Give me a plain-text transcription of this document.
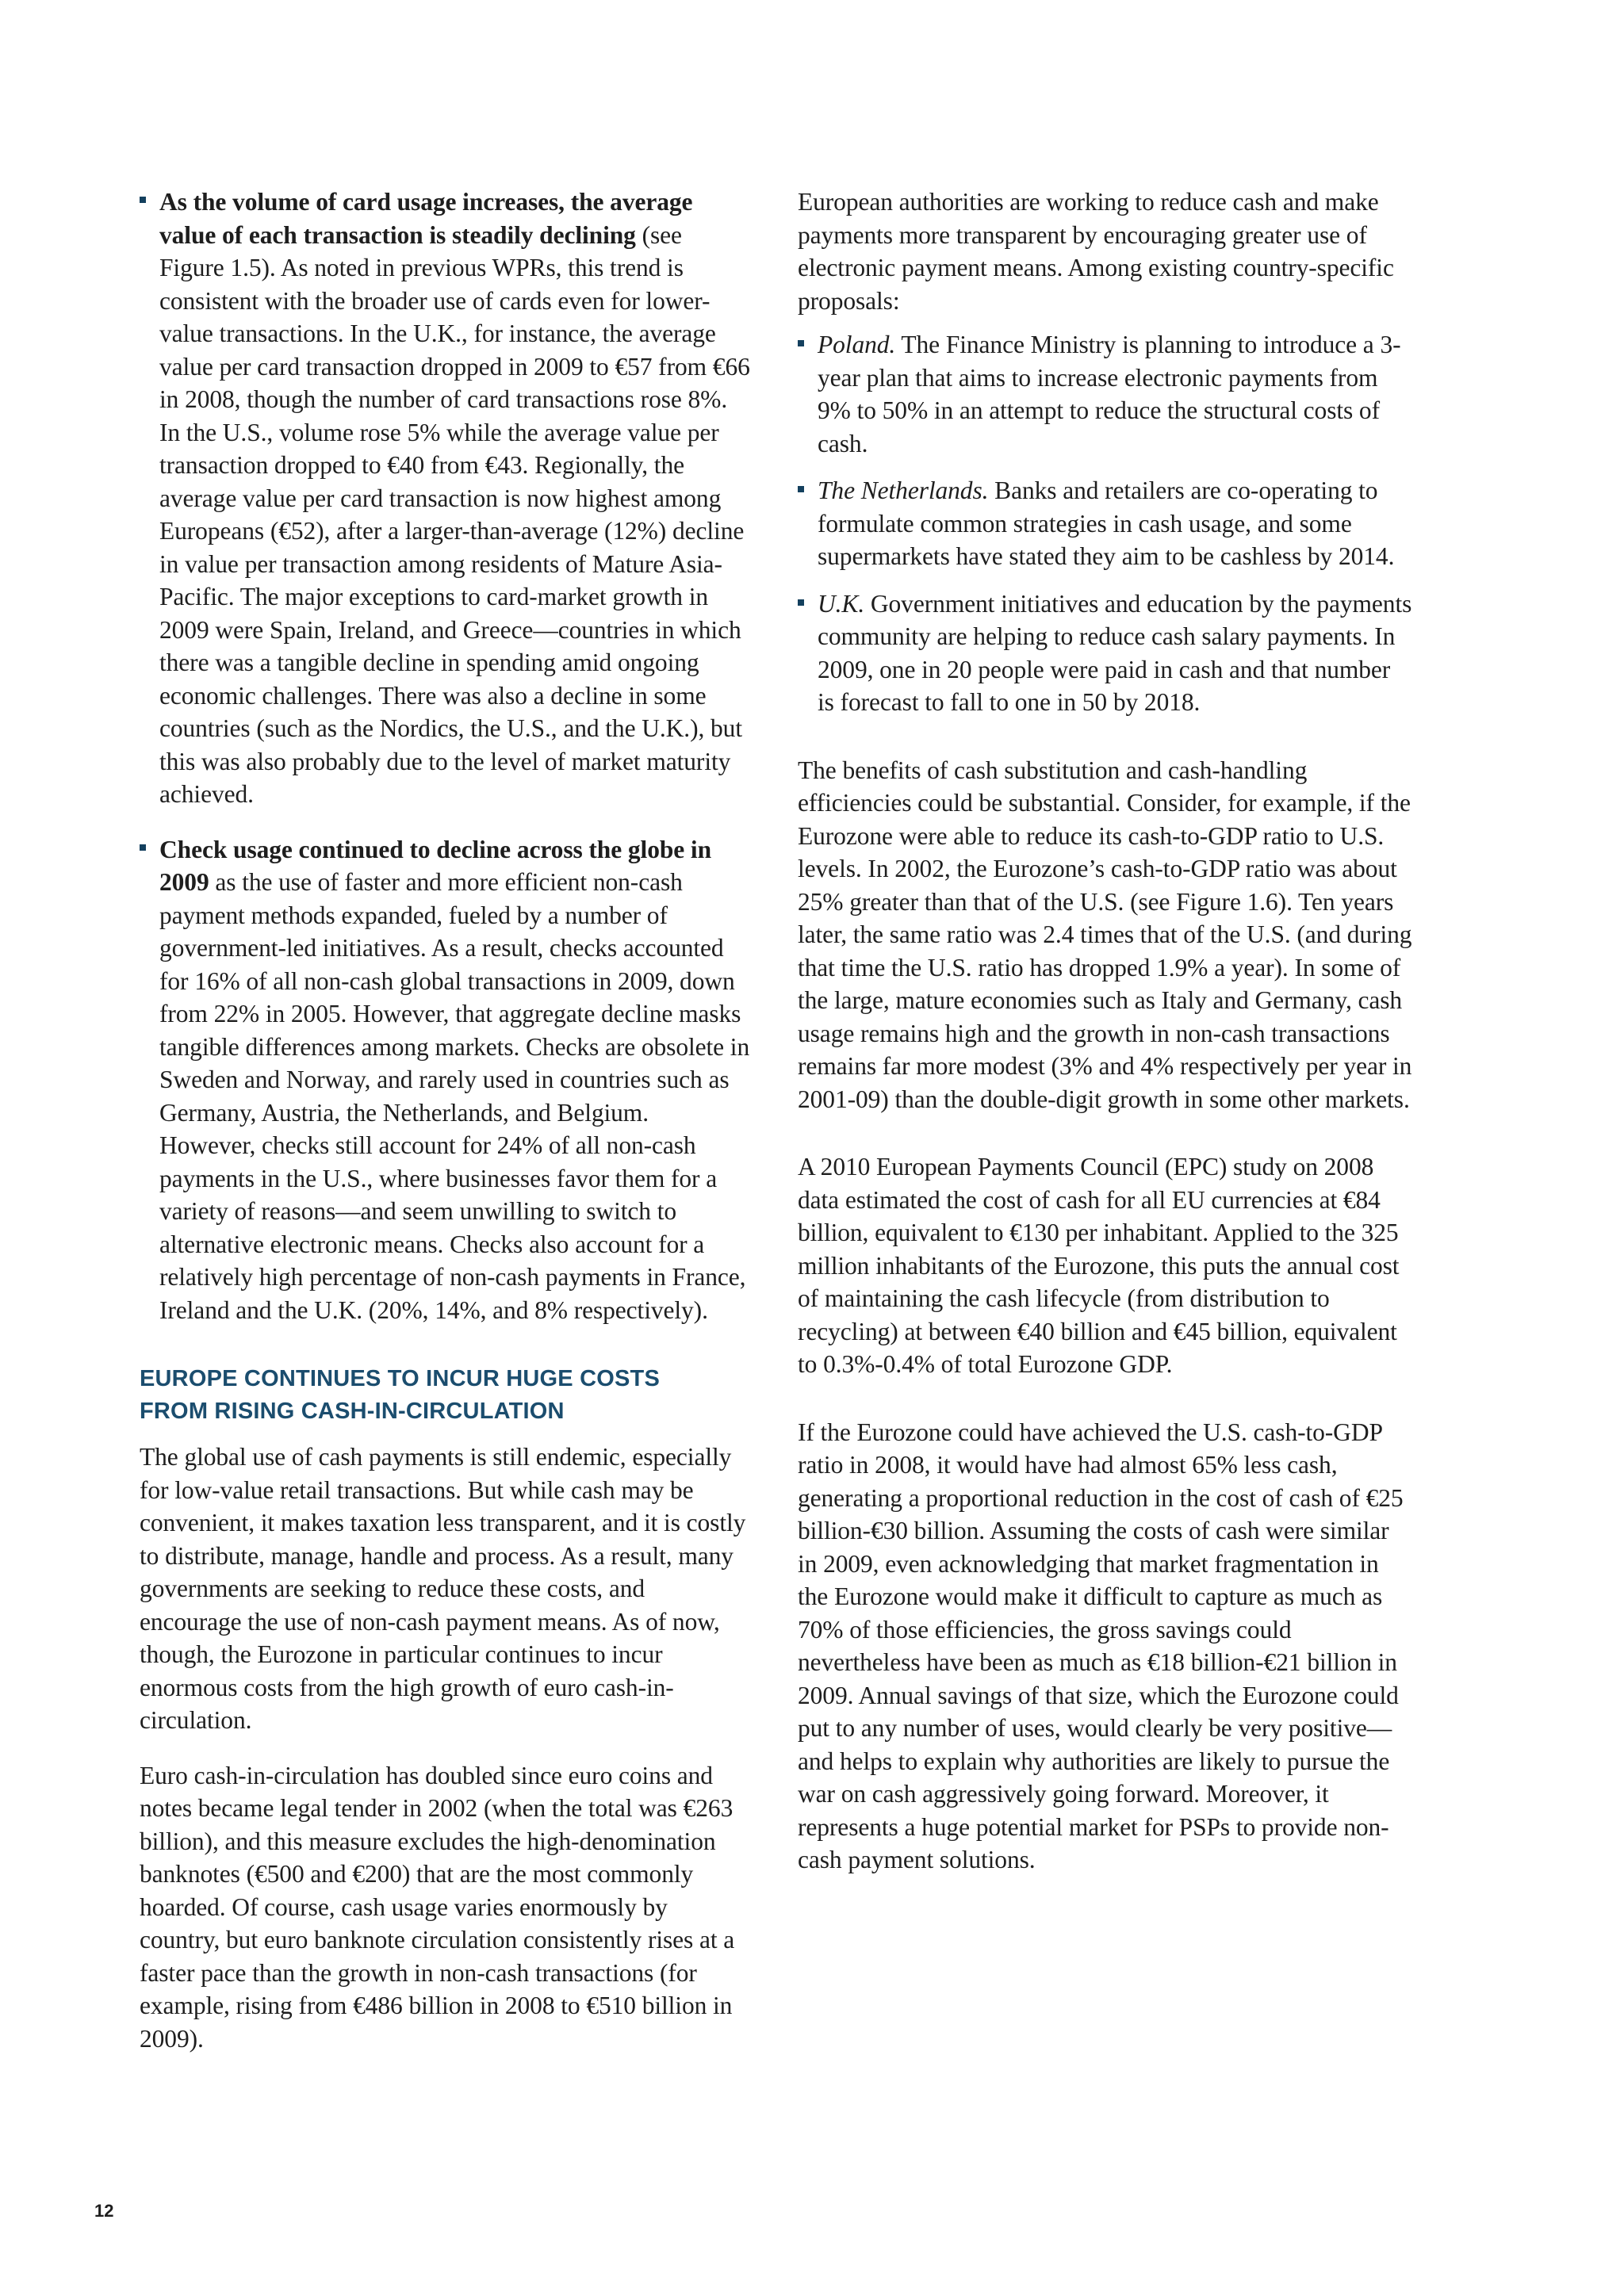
As the volume of card usage increases, the average value of each transaction is steadily declining (see Figure 1.5). As noted in previous WPRs, this trend is consistent with the broader use of cards even for lower-value transactions. In the U.K., for instance, the average value per card transaction dropped in 2009 to €57 from €66 in 2008, though the number of card transactions rose 8%. In the U.S., volume rose 5% while the average value per transaction dropped to €40 from €43. Regionally, the average value per card transaction is now highest among Europeans (€52), after a larger-than-average (12%) decline in value per transaction among residents of Mature Asia-Pacific. The major exceptions to card-market growth in 2009 were Spain, Ireland, and Greece—countries in which there was a tangible decline in spending amid ongoing economic challenges. There was also a decline in some countries (such as the Nordics, the U.S., and the U.K.), but this was also probably due to the level of market maturity achieved.
Check usage continued to decline across the globe in 2009 as the use of faster and more efficient non-cash payment methods expanded, fueled by a number of government-led initiatives. As a result, checks accounted for 16% of all non-cash global transactions in 2009, down from 22% in 2005. However, that aggregate decline masks tangible differences among markets. Checks are obsolete in Sweden and Norway, and rarely used in countries such as Germany, Austria, the Netherlands, and Belgium. However, checks still account for 24% of all non-cash payments in the U.S., where businesses favor them for a variety of reasons—and seem unwilling to switch to alternative electronic means. Checks also account for a relatively high percentage of non-cash payments in France, Ireland and the U.K. (20%, 14%, and 8% respectively).
EUROPE CONTINUES TO INCUR HUGE COSTS
FROM RISING CASH-IN-CIRCULATION

The global use of cash payments is still endemic, especially for low-value retail transactions. But while cash may be convenient, it makes taxation less transparent, and it is costly to distribute, manage, handle and process. As a result, many governments are seeking to reduce these costs, and encourage the use of non-cash payment means. As of now, though, the Eurozone in particular continues to incur enormous costs from the high growth of euro cash-in-circulation.

Euro cash-in-circulation has doubled since euro coins and notes became legal tender in 2002 (when the total was €263 billion), and this measure excludes the high-denomination banknotes (€500 and €200) that are the most commonly hoarded. Of course, cash usage varies enormously by country, but euro banknote circulation consistently rises at a faster pace than the growth in non-cash transactions (for example, rising from €486 billion in 2008 to €510 billion in 2009).

European authorities are working to reduce cash and make payments more transparent by encouraging greater use of electronic payment means. Among existing country-specific proposals:

Poland. The Finance Ministry is planning to introduce a 3-year plan that aims to increase electronic payments from 9% to 50% in an attempt to reduce the structural costs of cash.
The Netherlands. Banks and retailers are co-operating to formulate common strategies in cash usage, and some supermarkets have stated they aim to be cashless by 2014.
U.K. Government initiatives and education by the payments community are helping to reduce cash salary payments. In 2009, one in 20 people were paid in cash and that number is forecast to fall to one in 50 by 2018.

The benefits of cash substitution and cash-handling efficiencies could be substantial. Consider, for example, if the Eurozone were able to reduce its cash-to-GDP ratio to U.S. levels. In 2002, the Eurozone’s cash-to-GDP ratio was about 25% greater than that of the U.S. (see Figure 1.6). Ten years later, the same ratio was 2.4 times that of the U.S. (and during that time the U.S. ratio has dropped 1.9% a year). In some of the large, mature economies such as Italy and Germany, cash usage remains high and the growth in non-cash transactions remains far more modest (3% and 4% respectively per year in 2001-09) than the double-digit growth in some other markets.

A 2010 European Payments Council (EPC) study on 2008 data estimated the cost of cash for all EU currencies at €84 billion, equivalent to €130 per inhabitant. Applied to the 325 million inhabitants of the Eurozone, this puts the annual cost of maintaining the cash lifecycle (from distribution to recycling) at between €40 billion and €45 billion, equivalent to 0.3%-0.4% of total Eurozone GDP.

If the Eurozone could have achieved the U.S. cash-to-GDP ratio in 2008, it would have had almost 65% less cash, generating a proportional reduction in the cost of cash of €25 billion-€30 billion. Assuming the costs of cash were similar in 2009, even acknowledging that market fragmentation in the Eurozone would make it difficult to capture as much as 70% of those efficiencies, the gross savings could nevertheless have been as much as €18 billion-€21 billion in 2009. Annual savings of that size, which the Eurozone could put to any number of uses, would clearly be very positive—and helps to explain why authorities are likely to pursue the war on cash aggressively going forward. Moreover, it represents a huge potential market for PSPs to provide non-cash payment solutions.

12
